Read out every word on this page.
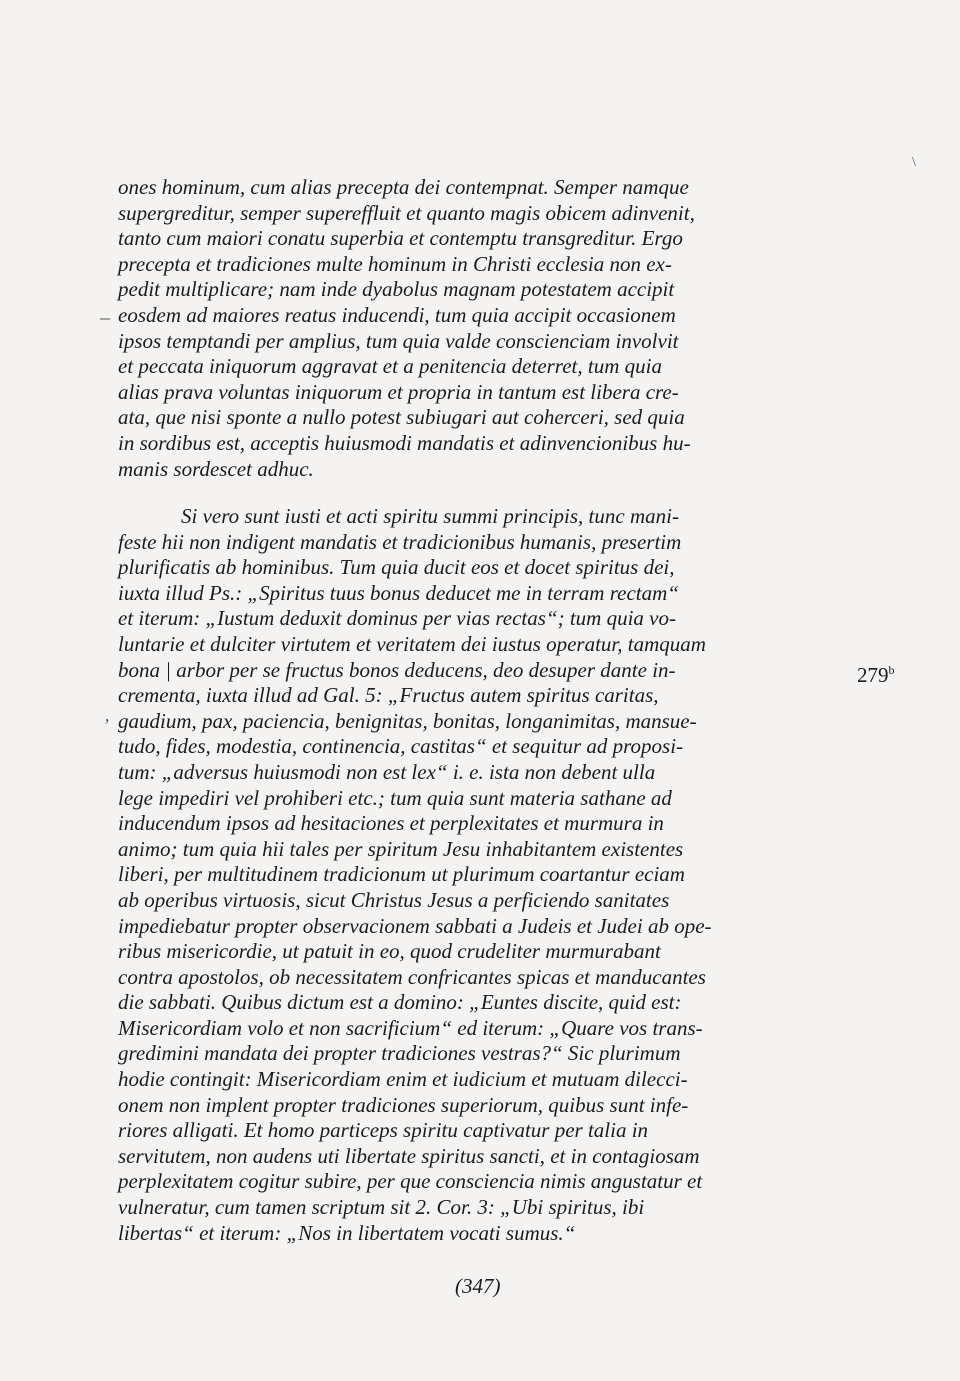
\
_
‚
ones hominum, cum alias precepta dei contempnat. Semper namque
supergreditur, semper supereffluit et quanto magis obicem adinvenit,
tanto cum maiori conatu superbia et contemptu transgreditur. Ergo
precepta et tradiciones multe hominum in Christi ecclesia non ex-
pedit multiplicare; nam inde dyabolus magnam potestatem accipit
eosdem ad maiores reatus inducendi, tum quia accipit occasionem
ipsos temptandi per amplius, tum quia valde conscienciam involvit
et peccata iniquorum aggravat et a penitencia deterret, tum quia
alias prava voluntas iniquorum et propria in tantum est libera cre-
ata, que nisi sponte a nullo potest subiugari aut coherceri, sed quia
in sordibus est, acceptis huiusmodi mandatis et adinvencionibus hu-
manis sordescet adhuc.
Si vero sunt iusti et acti spiritu summi principis, tunc mani-
feste hii non indigent mandatis et tradicionibus humanis, presertim
plurificatis ab hominibus. Tum quia ducit eos et docet spiritus dei,
iuxta illud Ps.: „Spiritus tuus bonus deducet me in terram rectam“
et iterum: „Iustum deduxit dominus per vias rectas“; tum quia vo-
luntarie et dulciter virtutem et veritatem dei iustus operatur, tamquam
bona | arbor per se fructus bonos deducens, deo desuper dante in-
crementa, iuxta illud ad Gal. 5: „Fructus autem spiritus caritas,
gaudium, pax, paciencia, benignitas, bonitas, longanimitas, mansue-
tudo, fides, modestia, continencia, castitas“ et sequitur ad proposi-
tum: „adversus huiusmodi non est lex“ i. e. ista non debent ulla
lege impediri vel prohiberi etc.; tum quia sunt materia sathane ad
inducendum ipsos ad hesitaciones et perplexitates et murmura in
animo; tum quia hii tales per spiritum Jesu inhabitantem existentes
liberi, per multitudinem tradicionum ut plurimum coartantur eciam
ab operibus virtuosis, sicut Christus Jesus a perficiendo sanitates
impediebatur propter observacionem sabbati a Judeis et Judei ab ope-
ribus misericordie, ut patuit in eo, quod crudeliter murmurabant
contra apostolos, ob necessitatem confricantes spicas et manducantes
die sabbati. Quibus dictum est a domino: „Euntes discite, quid est:
Misericordiam volo et non sacrificium“ ed iterum: „Quare vos trans-
gredimini mandata dei propter tradiciones vestras?“ Sic plurimum
hodie contingit: Misericordiam enim et iudicium et mutuam dilecci-
onem non implent propter tradiciones superiorum, quibus sunt infe-
riores alligati. Et homo particeps spiritu captivatur per talia in
servitutem, non audens uti libertate spiritus sancti, et in contagiosam
perplexitatem cogitur subire, per que consciencia nimis angustatur et
vulneratur, cum tamen scriptum sit 2. Cor. 3: „Ubi spiritus, ibi
libertas“ et iterum: „Nos in libertatem vocati sumus.“
279$^b$
(347)
